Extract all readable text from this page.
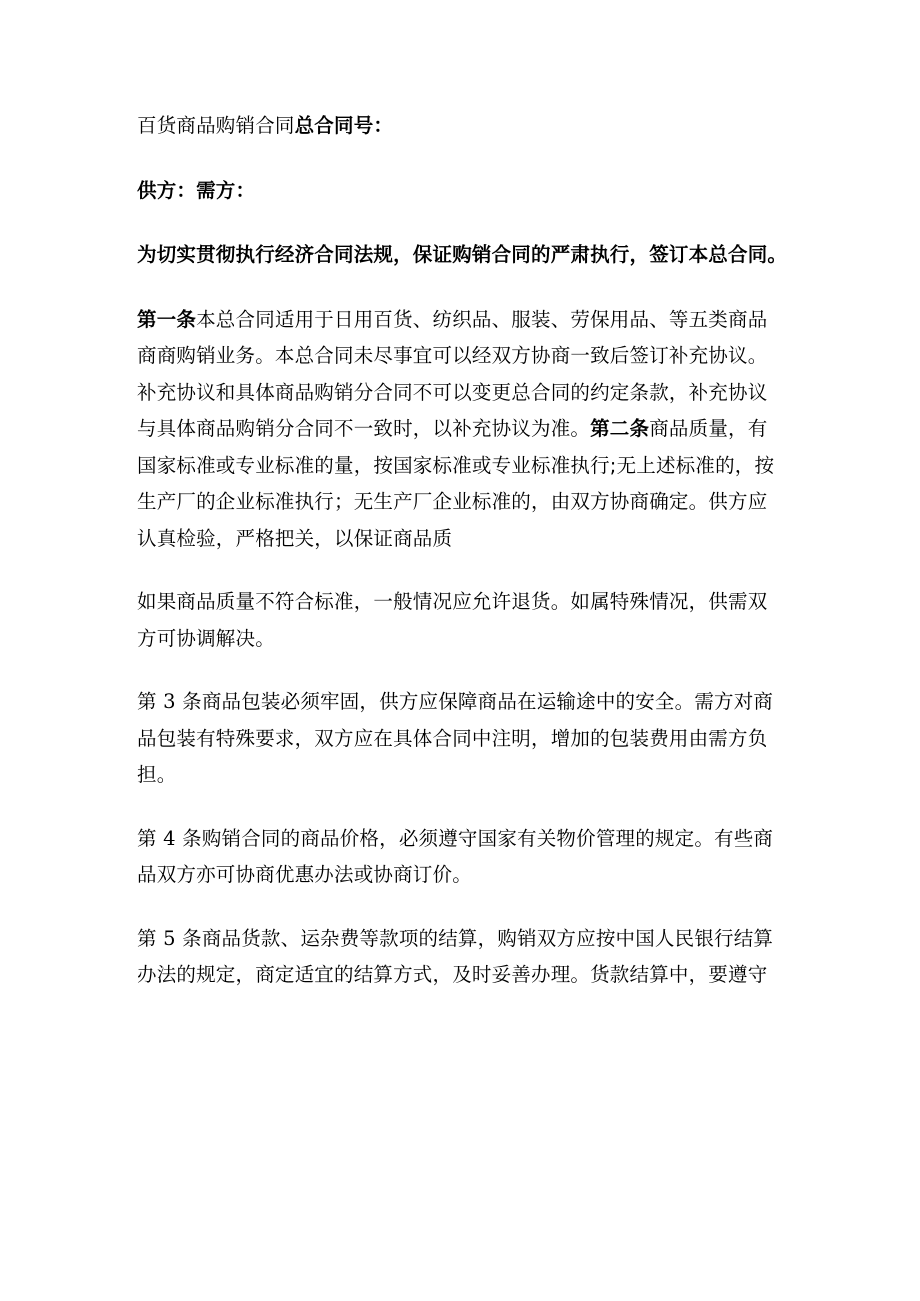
百货商品购销合同总合同号：

供方：需方：

为切实贯彻执行经济合同法规，保证购销合同的严肃执行，签订本总合同。

第一条本总合同适用于日用百货、纺织品、服装、劳保用品、等五类商品
商商购销业务。本总合同未尽事宜可以经双方协商一致后签订补充协议。
补充协议和具体商品购销分合同不可以变更总合同的约定条款，补充协议
与具体商品购销分合同不一致时，以补充协议为准。第二条商品质量，有
国家标准或专业标准的量，按国家标准或专业标准执行;无上述标准的，按
生产厂的企业标准执行；无生产厂企业标准的，由双方协商确定。供方应
认真检验，严格把关，以保证商品质
如果商品质量不符合标准，一般情况应允许退货。如属特殊情况，供需双
方可协调解决。
第 3 条商品包装必须牢固，供方应保障商品在运输途中的安全。需方对商
品包装有特殊要求，双方应在具体合同中注明，增加的包装费用由需方负
担。
第 4 条购销合同的商品价格，必须遵守国家有关物价管理的规定。有些商
品双方亦可协商优惠办法或协商订价。
第 5 条商品货款、运杂费等款项的结算，购销双方应按中国人民银行结算
办法的规定，商定适宜的结算方式，及时妥善办理。货款结算中，要遵守
